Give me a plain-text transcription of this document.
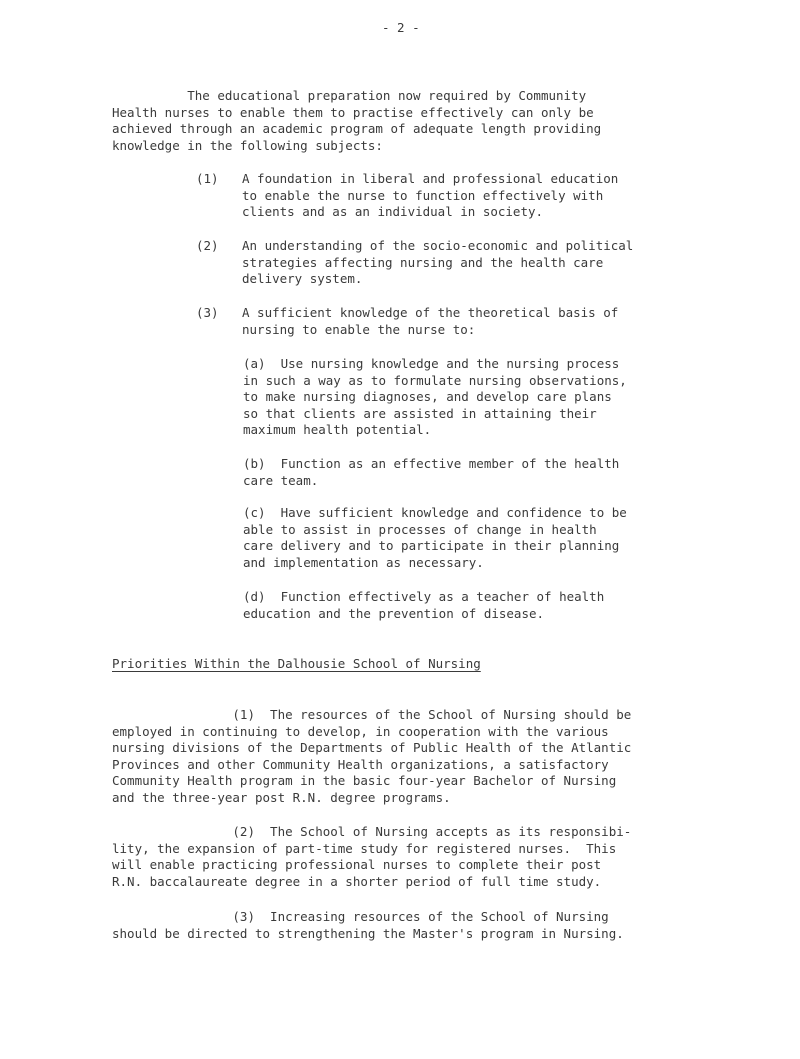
- 2 -
The educational preparation now required by Community
Health nurses to enable them to practise effectively can only be
achieved through an academic program of adequate length providing
knowledge in the following subjects:

(1)

A foundation in liberal and professional education
to enable the nurse to function effectively with
clients and as an individual in society.

(2)

An understanding of the socio-economic and political
strategies affecting nursing and the health care
delivery system.

(3)

A sufficient knowledge of the theoretical basis of
nursing to enable the nurse to:

(a)  Use nursing knowledge and the nursing process
in such a way as to formulate nursing observations,
to make nursing diagnoses, and develop care plans
so that clients are assisted in attaining their
maximum health potential.
(b)  Function as an effective member of the health
care team.
(c)  Have sufficient knowledge and confidence to be
able to assist in processes of change in health
care delivery and to participate in their planning
and implementation as necessary.
(d)  Function effectively as a teacher of health
education and the prevention of disease.
Priorities Within the Dalhousie School of Nursing
(1)  The resources of the School of Nursing should be
employed in continuing to develop, in cooperation with the various
nursing divisions of the Departments of Public Health of the Atlantic
Provinces and other Community Health organizations, a satisfactory
Community Health program in the basic four-year Bachelor of Nursing
and the three-year post R.N. degree programs.
(2)  The School of Nursing accepts as its responsibi-
lity, the expansion of part-time study for registered nurses.  This
will enable practicing professional nurses to complete their post
R.N. baccalaureate degree in a shorter period of full time study.
(3)  Increasing resources of the School of Nursing
should be directed to strengthening the Master's program in Nursing.
